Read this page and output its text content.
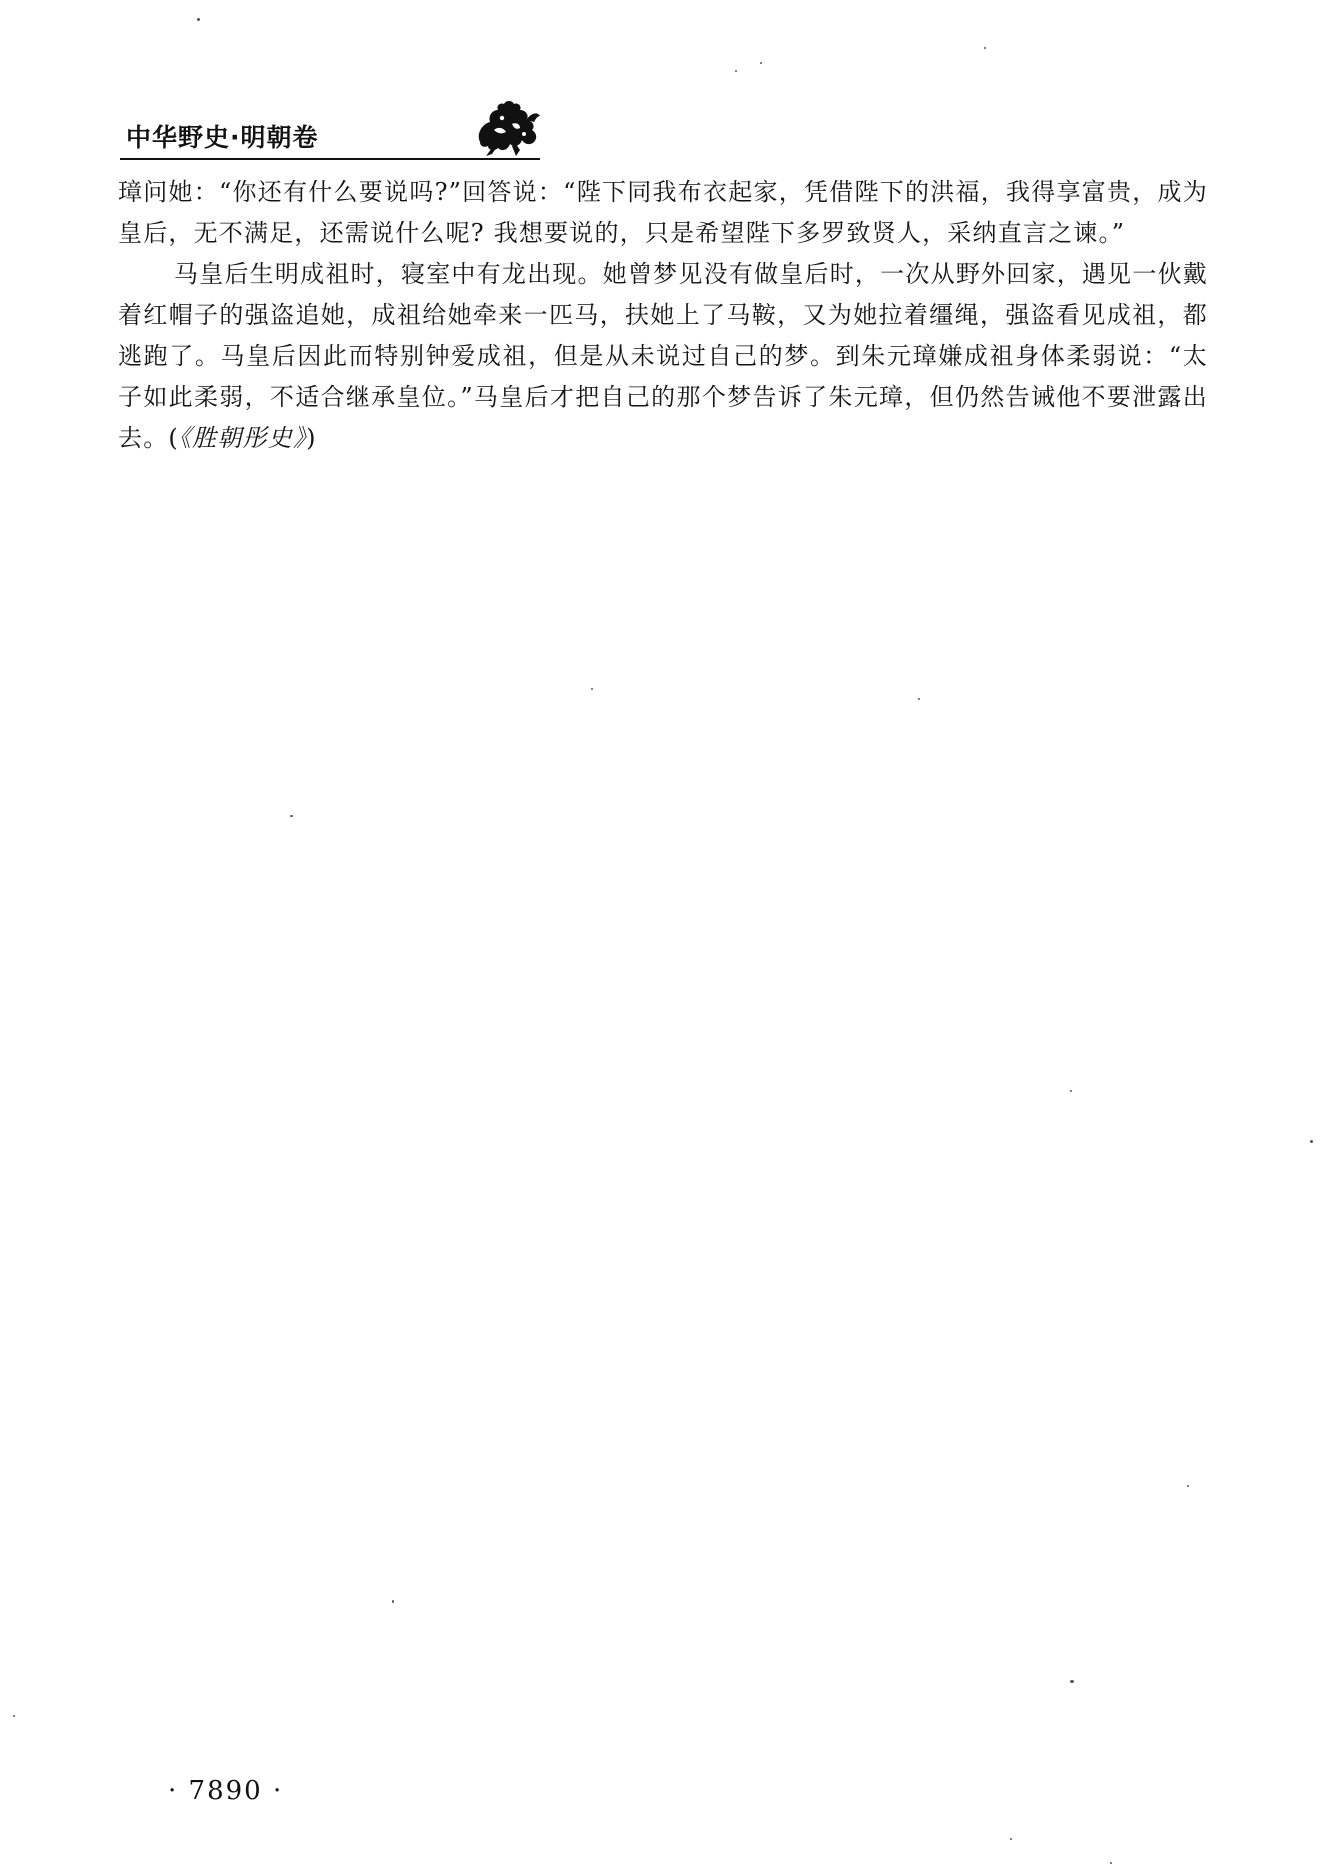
中华野史·明朝卷

璋问她：“你还有什么要说吗?”回答说：“陛下同我布衣起家，凭借陛下的洪福，我得享富贵，成为皇后，无不满足，还需说什么呢? 我想要说的，只是希望陛下多罗致贤人，采纳直言之谏。”

马皇后生明成祖时，寝室中有龙出现。她曾梦见没有做皇后时，一次从野外回家，遇见一伙戴着红帽子的强盗追她，成祖给她牵来一匹马，扶她上了马鞍，又为她拉着缰绳，强盗看见成祖，都逃跑了。马皇后因此而特别钟爱成祖，但是从未说过自己的梦。到朱元璋嫌成祖身体柔弱说：“太子如此柔弱，不适合继承皇位。”马皇后才把自己的那个梦告诉了朱元璋，但仍然告诫他不要泄露出去。(《胜朝彤史》)

· 7890 ·
